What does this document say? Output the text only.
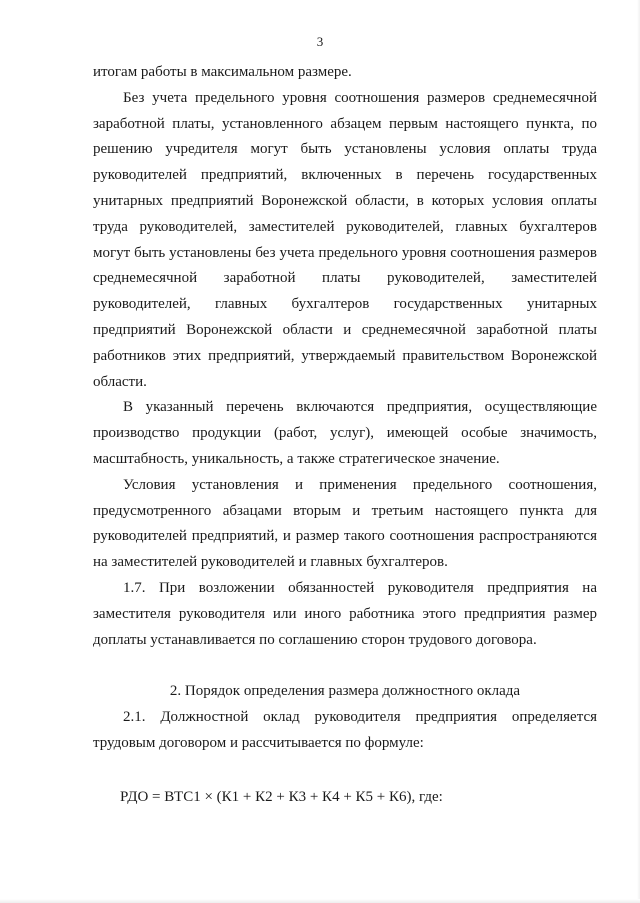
3

итогам работы в максимальном размере.

Без учета предельного уровня соотношения размеров среднемесячной заработной платы, установленного абзацем первым настоящего пункта, по решению учредителя могут быть установлены условия оплаты труда руководителей предприятий, включенных в перечень государственных унитарных предприятий Воронежской области, в которых условия оплаты труда руководителей, заместителей руководителей, главных бухгалтеров могут быть установлены без учета предельного уровня соотношения размеров среднемесячной заработной платы руководителей, заместителей руководителей, главных бухгалтеров государственных унитарных предприятий Воронежской области и среднемесячной заработной платы работников этих предприятий, утверждаемый правительством Воронежской области.

В указанный перечень включаются предприятия, осуществляющие производство продукции (работ, услуг), имеющей особые значимость, масштабность, уникальность, а также стратегическое значение.

Условия установления и применения предельного соотношения, предусмотренного абзацами вторым и третьим настоящего пункта для руководителей предприятий, и размер такого соотношения распространяются на заместителей руководителей и главных бухгалтеров.

1.7. При возложении обязанностей руководителя предприятия на заместителя руководителя или иного работника этого предприятия размер доплаты устанавливается по соглашению сторон трудового договора.

2. Порядок определения размера должностного оклада

2.1. Должностной оклад руководителя предприятия определяется трудовым договором и рассчитывается по формуле:

РДО = ВТС1 × (К1 + К2 + К3 + К4 + К5 + К6), где:
